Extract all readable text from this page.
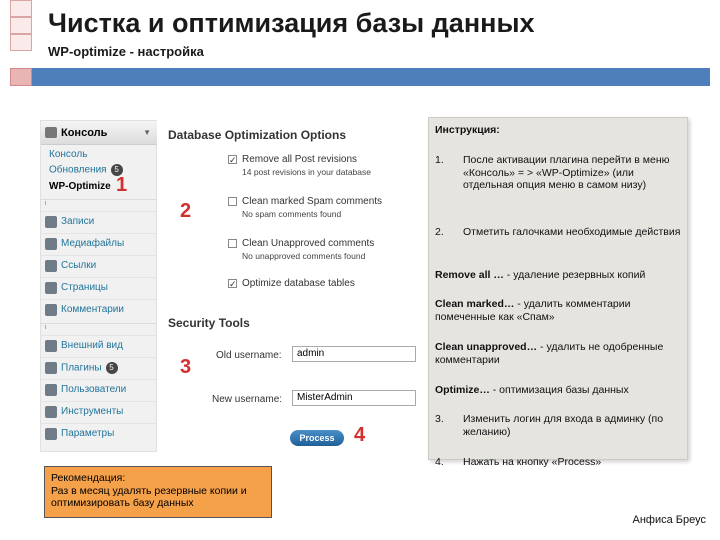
Чистка и оптимизация базы данных
WP-optimize - настройка
Консоль	▼
Консоль
Обновления 5
WP-Optimize
Записи
Медиафайлы
Ссылки
Страницы
Комментарии
Внешний вид
Плагины 5
Пользователи
Инструменты
Параметры
1
2
3
4
Database Optimization Options
✓ Remove all Post revisions
14 post revisions in your database
Clean marked Spam comments
No spam comments found
Clean Unapproved comments
No unapproved comments found
✓ Optimize database tables
Security Tools
Old username:	admin
New username:	MisterAdmin
Process
Инструкция:
1. После активации плагина перейти в меню «Консоль» = > «WP-Optimize» (или отдельная опция меню в самом низу)
2. Отметить галочками необходимые действия
Remove all … - удаление резервных копий
Clean marked… - удалить комментарии помеченные как «Спам»
Clean unapproved… - удалить не одобренные комментарии
Optimize… - оптимизация базы данных
3. Изменить логин для входа в админку (по желанию)
4. Нажать на кнопку «Process»
Рекомендация:
Раз в месяц удалять резервные копии и оптимизировать базу данных
Анфиса Бреус
